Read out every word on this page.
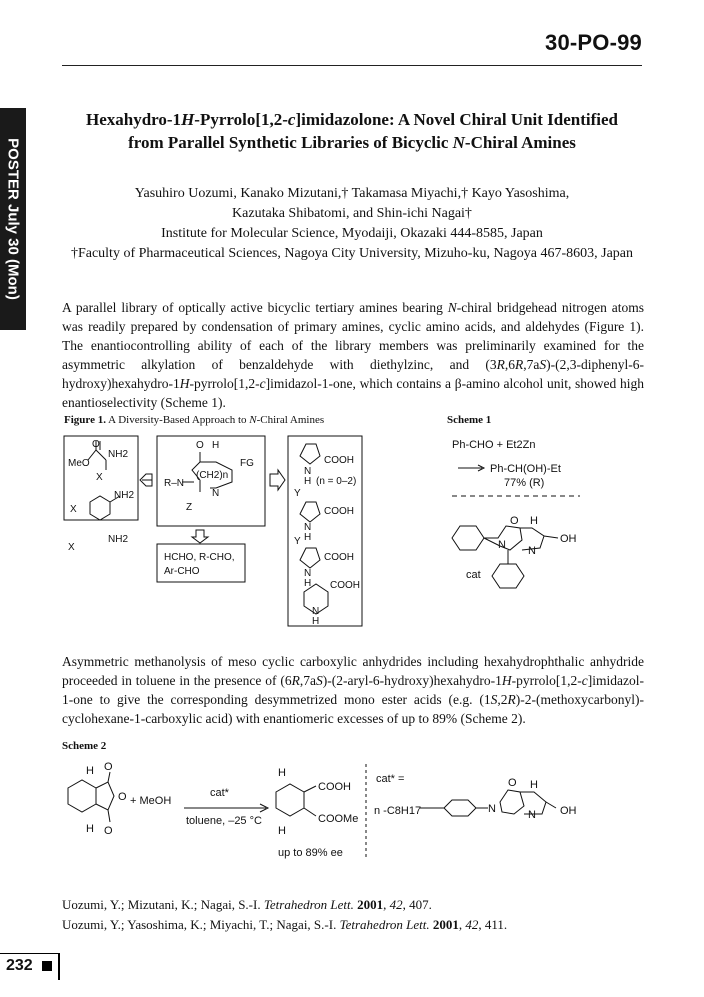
30-PO-99
POSTER July 30 (Mon)
Hexahydro-1H-Pyrrolo[1,2-c]imidazolone: A Novel Chiral Unit Identified
from Parallel Synthetic Libraries of Bicyclic N-Chiral Amines
Yasuhiro Uozumi, Kanako Mizutani,† Takamasa Miyachi,† Kayo Yasoshima,
Kazutaka Shibatomi, and Shin-ichi Nagai†
Institute for Molecular Science, Myodaiji, Okazaki 444-8585, Japan
†Faculty of Pharmaceutical Sciences, Nagoya City University, Mizuho-ku, Nagoya 467-8603, Japan
A parallel library of optically active bicyclic tertiary amines bearing N-chiral bridgehead nitrogen atoms was readily prepared by condensation of primary amines, cyclic amino acids, and aldehydes (Figure 1). The enantiocontrolling ability of each of the library members was preliminarily examined for the asymmetric alkylation of benzaldehyde with diethylzinc, and (3R,6R,7aS)-(2,3-diphenyl-6-hydroxy)hexahydro-1H-pyrrolo[1,2-c]imidazol-1-one, which contains a β-amino alcohol unit, showed high enantioselectivity (Scheme 1).
Figure 1. A Diversity-Based Approach to N-Chiral Amines	Scheme 1
O
MeO
NH2
X
X
NH2
X
NH2
O H
FG
R–N
(CH2)n
N
Z
HCHO, R-CHO,
Ar-CHO
COOH
N
H (n = 0–2)
Y
COOH
N
H
Y
COOH
N
H COOH
N
H
Ph-CHO + Et2Zn
Ph-CH(OH)-Et
77% (R)
O H
N N
OH
cat
Asymmetric methanolysis of meso cyclic carboxylic anhydrides including hexahydrophthalic anhydride proceeded in toluene in the presence of (6R,7aS)-(2-aryl-6-hydroxy)hexahydro-1H-pyrrolo[1,2-c]imidazol-1-one to give the corresponding desymmetrized mono ester acids (e.g. (1S,2R)-2-(methoxycarbonyl)-cyclohexane-1-carboxylic acid) with enantiomeric excesses of up to 89% (Scheme 2).
Scheme 2
H O
O
H O
+ MeOH
cat*
toluene, –25 °C
H
COOH
COOMe
H
up to 89% ee
cat* =
n -C8H17	N	N
O H
OH
Uozumi, Y.; Mizutani, K.; Nagai, S.-I. Tetrahedron Lett. 2001, 42, 407.
Uozumi, Y.; Yasoshima, K.; Miyachi, T.; Nagai, S.-I. Tetrahedron Lett. 2001, 42, 411.
232
